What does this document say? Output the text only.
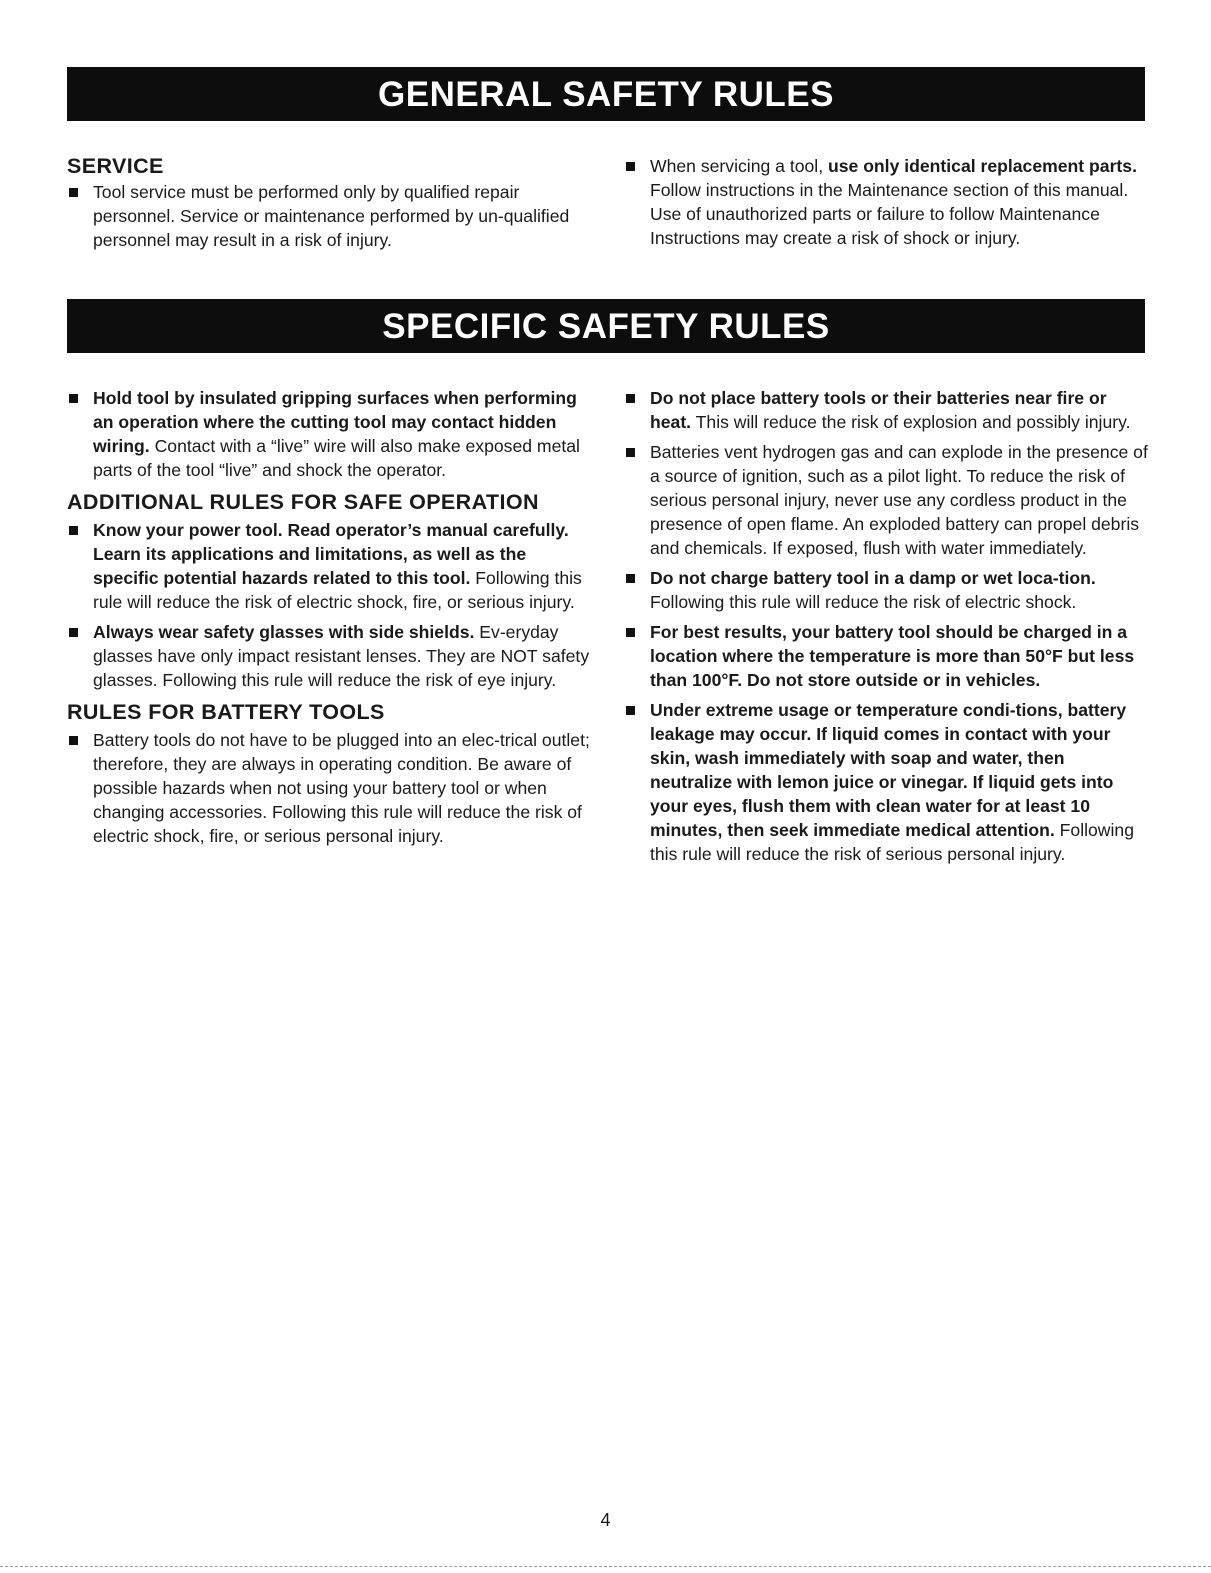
GENERAL SAFETY RULES
SERVICE

Tool service must be performed only by qualified repair personnel. Service or maintenance performed by un-qualified personnel may result in a risk of injury.

When servicing a tool, use only identical replacement parts. Follow instructions in the Maintenance section of this manual. Use of unauthorized parts or failure to follow Maintenance Instructions may create a risk of shock or injury.

SPECIFIC SAFETY RULES

Hold tool by insulated gripping surfaces when performing an operation where the cutting tool may contact hidden wiring. Contact with a “live” wire will also make exposed metal parts of the tool “live” and shock the operator.

ADDITIONAL RULES FOR SAFE OPERATION

Know your power tool. Read operator’s manual carefully. Learn its applications and limitations, as well as the specific potential hazards related to this tool. Following this rule will reduce the risk of electric shock, fire, or serious injury.

Always wear safety glasses with side shields. Ev-eryday glasses have only impact resistant lenses. They are NOT safety glasses. Following this rule will reduce the risk of eye injury.

RULES FOR BATTERY TOOLS

Battery tools do not have to be plugged into an elec-trical outlet; therefore, they are always in operating condition. Be aware of possible hazards when not using your battery tool or when changing accessories. Following this rule will reduce the risk of electric shock, fire, or serious personal injury.

Do not place battery tools or their batteries near fire or heat. This will reduce the risk of explosion and possibly injury.

Batteries vent hydrogen gas and can explode in the presence of a source of ignition, such as a pilot light. To reduce the risk of serious personal injury, never use any cordless product in the presence of open flame. An exploded battery can propel debris and chemicals. If exposed, flush with water immediately.

Do not charge battery tool in a damp or wet loca-tion. Following this rule will reduce the risk of electric shock.

For best results, your battery tool should be charged in a location where the temperature is more than 50°F but less than 100°F. Do not store outside or in vehicles.

Under extreme usage or temperature condi-tions, battery leakage may occur. If liquid comes in contact with your skin, wash immediately with soap and water, then neutralize with lemon juice or vinegar. If liquid gets into your eyes, flush them with clean water for at least 10 minutes, then seek immediate medical attention. Following this rule will reduce the risk of serious personal injury.

4
